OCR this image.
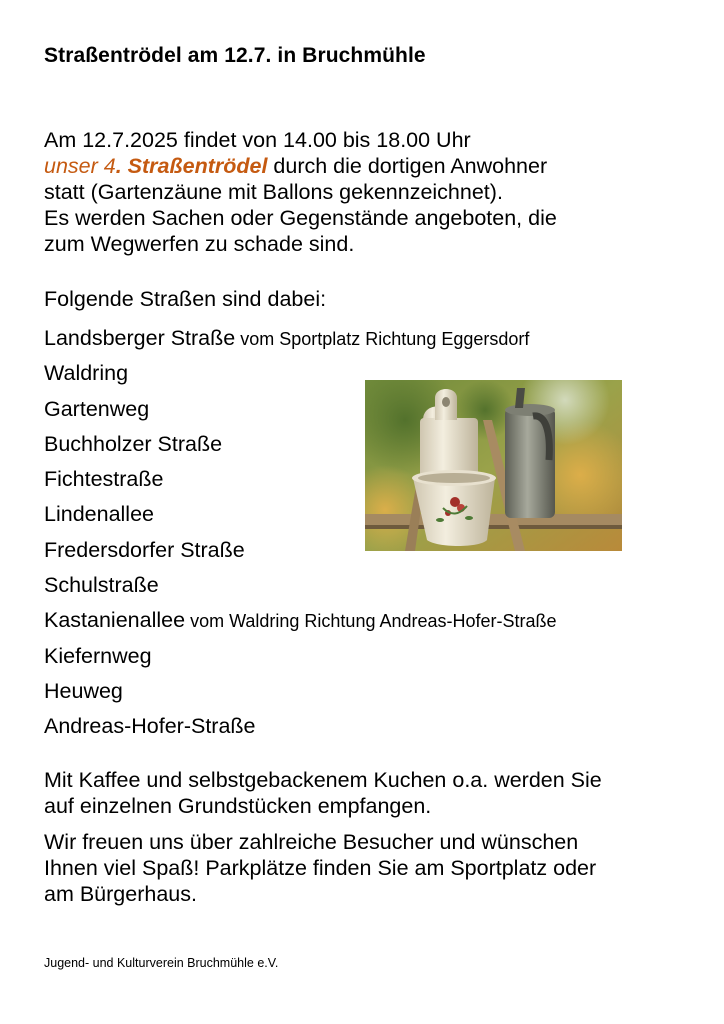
Straßentrödel am 12.7. in Bruchmühle
Am 12.7.2025 findet von 14.00 bis 18.00 Uhr
unser 4. Straßentrödel durch die dortigen Anwohner
statt (Gartenzäune mit Ballons gekennzeichnet).
Es werden Sachen oder Gegenstände angeboten, die
zum Wegwerfen zu schade sind.
Folgende Straßen sind dabei:
Landsberger Straße vom Sportplatz Richtung Eggersdorf
Waldring
Gartenweg
Buchholzer Straße
Fichtestraße
Lindenallee
Fredersdorfer Straße
Schulstraße
Kastanienallee vom Waldring Richtung Andreas-Hofer-Straße
Kiefernweg
Heuweg
Andreas-Hofer-Straße

Mit Kaffee und selbstgebackenem Kuchen o.a. werden Sie
auf einzelnen Grundstücken empfangen.

Wir freuen uns über zahlreiche Besucher und wünschen
Ihnen viel Spaß! Parkplätze finden Sie am Sportplatz oder
am Bürgerhaus.

Jugend- und Kulturverein Bruchmühle e.V.
